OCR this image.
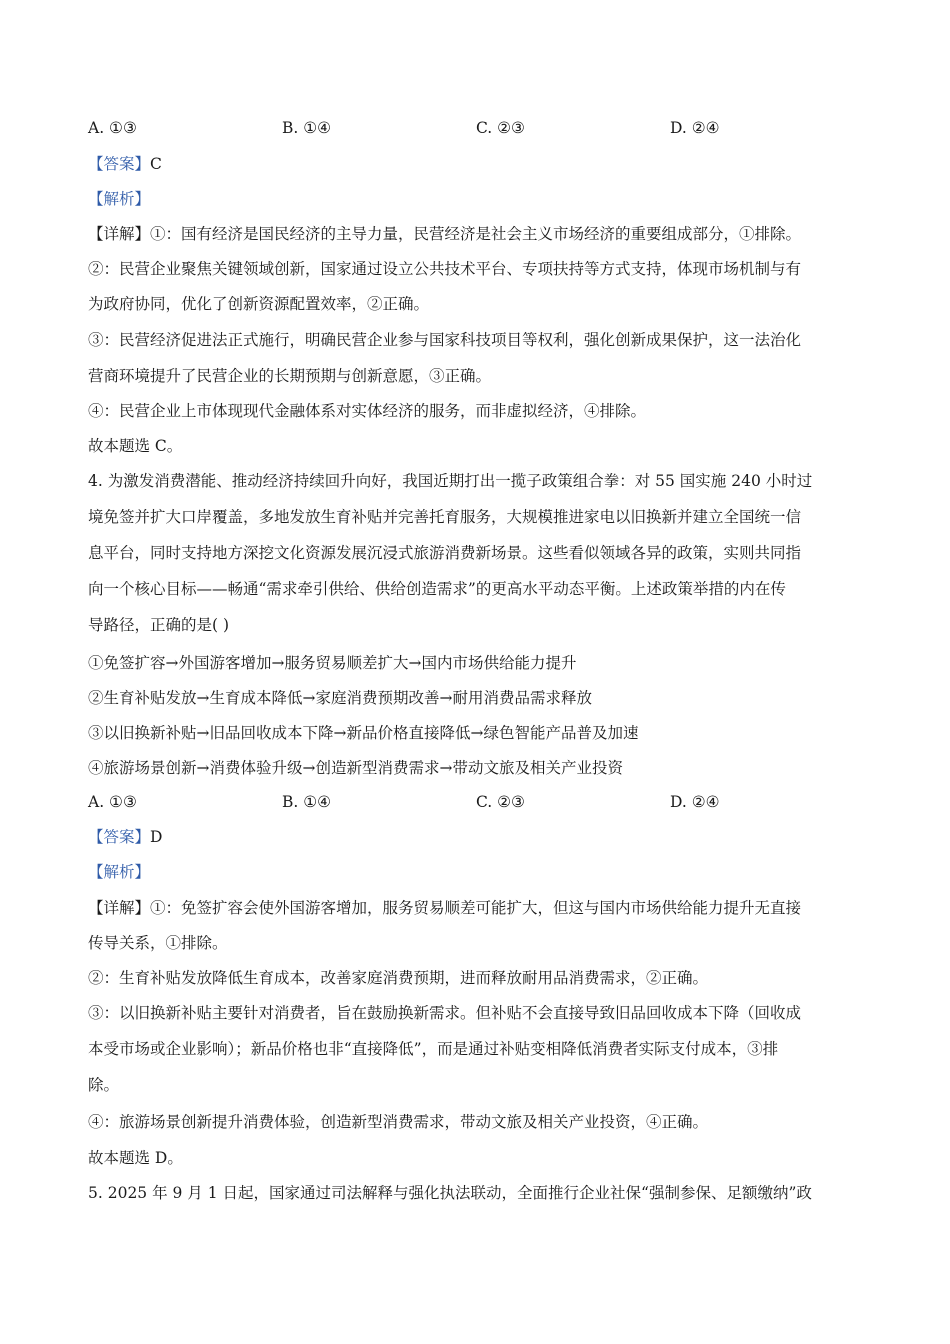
A. ①③	B. ①④	C. ②③	D. ②④
【答案】C
【解析】
【详解】①：国有经济是国民经济的主导力量，民营经济是社会主义市场经济的重要组成部分，①排除。
②：民营企业聚焦关键领域创新，国家通过设立公共技术平台、专项扶持等方式支持，体现市场机制与有
为政府协同，优化了创新资源配置效率，②正确。
③：民营经济促进法正式施行，明确民营企业参与国家科技项目等权利，强化创新成果保护，这一法治化
营商环境提升了民营企业的长期预期与创新意愿，③正确。
④：民营企业上市体现现代金融体系对实体经济的服务，而非虚拟经济，④排除。
故本题选 C。
4. 为激发消费潜能、推动经济持续回升向好，我国近期打出一揽子政策组合拳：对 55 国实施 240 小时过
境免签并扩大口岸覆盖，多地发放生育补贴并完善托育服务，大规模推进家电以旧换新并建立全国统一信
息平台，同时支持地方深挖文化资源发展沉浸式旅游消费新场景。这些看似领域各异的政策，实则共同指
向一个核心目标——畅通“需求牵引供给、供给创造需求”的更高水平动态平衡。上述政策举措的内在传
导路径，正确的是( )
①免签扩容→外国游客增加→服务贸易顺差扩大→国内市场供给能力提升
②生育补贴发放→生育成本降低→家庭消费预期改善→耐用消费品需求释放
③以旧换新补贴→旧品回收成本下降→新品价格直接降低→绿色智能产品普及加速
④旅游场景创新→消费体验升级→创造新型消费需求→带动文旅及相关产业投资
A. ①③	B. ①④	C. ②③	D. ②④
【答案】D
【解析】
【详解】①：免签扩容会使外国游客增加，服务贸易顺差可能扩大，但这与国内市场供给能力提升无直接
传导关系，①排除。
②：生育补贴发放降低生育成本，改善家庭消费预期，进而释放耐用品消费需求，②正确。
③：以旧换新补贴主要针对消费者，旨在鼓励换新需求。但补贴不会直接导致旧品回收成本下降（回收成
本受市场或企业影响）；新品价格也非“直接降低”，而是通过补贴变相降低消费者实际支付成本，③排
除。
④：旅游场景创新提升消费体验，创造新型消费需求，带动文旅及相关产业投资，④正确。
故本题选 D。
5. 2025 年 9 月 1 日起，国家通过司法解释与强化执法联动，全面推行企业社保“强制参保、足额缴纳”政
